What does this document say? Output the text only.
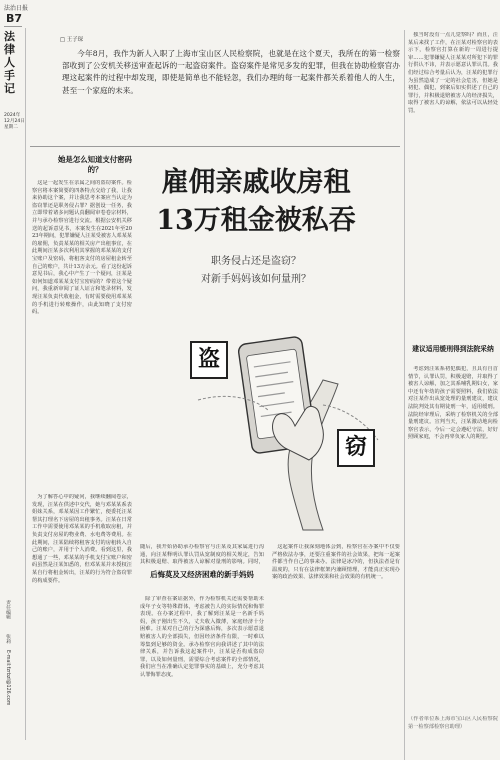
法治日报
B7
法律人手记
2024年
12月24日
星期二
责任编辑
张莉
E-mail:fzrbzl@126.com
□ 王子琛
今年8月，我作为新人入职了上海市宝山区人民检察院，也就是在这个夏天，我所在的第一检察部收到了公安机关移送审查起诉的一起盗窃案件。盗窃案件是常见多发的犯罪，但我在协助检察官办理这起案件的过程中却发现，即使是简单也不能轻忽，我们办理的每一起案件都关系着他人的人生，甚至一个家庭的未来。
独当时没有一点儿觉察吗？而且，汪某后来找了工作，在汪某对检察官的表示下，检察官打算在新的一周进行提审……犯罪嫌疑人汪某某对所犯下的罪行供认不讳，并表示愿意认罪认罚。我们经过综合考量后认为，汪某的犯罪行为虽然造成了一定的社会危害，但她是初犯、偶犯，到案后如实供述了自己的罪行，并积极退赔被害人的经济损失，取得了被害人的谅解，依法可以从轻处罚。
雇佣亲戚收房租
13万租金被私吞
职务侵占还是盗窃？
对新手妈妈该如何量刑？
盗
窃
她是怎么知道支付密码的？
这是一起发生在亲属之间的盗窃案件。检察官将本案简要的四条特点交给了我，让我来协助这个案，并让我思考本案应当认定为盗窃罪还是职务侵占罪？据创设一任务，我立即带着诸多问题认真翻阅审卷卷宗材料，并与承办检察官进行交流。根据公安机关移送的起诉意见书，本案发生在2021年至2023年期间，犯罪嫌疑人汪某受被害人邓某某的雇佣，负责某某的相关房产出租事宜，在此期间汪某多次利用其掌握的邓某某的支付宝账户及密码，将租客支付的房屋租金转至自己的账户，共计13万余元。看了这份起诉意见书后，我心中产生了一个疑问，汪某是如何知道邓某某支付宝密码的？带着这个疑问，我重新审阅了证人证言和笔录材料，发现汪某负责代收租金，有时需要使用邓某某的手机进行转账操作，由此知晓了支付密码。
为了解答心中的疑问，我继续翻阅卷宗，发现，汪某在供述中交代，她与邓某某系表姐妹关系，邓某某因工作繁忙，便委托汪某帮其打理名下房屋的出租事务。汪某在日常工作中需要使用邓某某的手机收取房租，并负责支付房屋的物业费、水电费等费用。在此期间，汪某陆续将租客支付的房租转入自己的账户，并用于个人消费。看到这里，我想通了一些，邓某某的手机支付宝账户和密码虽然是汪某知悉的，但邓某某并未授权汪某自行将租金转出，汪某的行为符合盗窃罪的构成要件。
随后，我开始协助承办检察官与汪某及其家属进行沟通，向汪某释明认罪认罚从宽制度的相关规定，告知其积极退赔、取得被害人谅解对量刑的影响。同时，
后悔莫及又经济困难的新手妈妈
除了审查在案证据外，作为检察机关还需要帮助未成年子女等特殊群体，考虑被告人的实际情况和悔罪表现。在办案过程中，我了解到汪某是一名新手妈妈，孩子刚出生不久，丈夫收入微薄，家庭经济十分困难。汪某对自己的行为深感后悔，多次表示愿意退赔被害人的全部损失，但因经济条件有限，一时难以筹集到足够的资金。承办检察官向我讲述了其中的法律关系，并告诉我这起案件中，汪某是否构成盗窃罪，以及如何量刑，需要综合考虑案件的全部情况，我们应当在准确认定犯罪事实的基础上，充分考虑其认罪悔罪态度。
这起案件让我深刻地体会到，检察官在办案中不仅要严格依法办事，还要注重案件的社会效果，把每一起案件都当作自己的事来办。法律是冰冷的，但执法者是有温度的，只有在法律框架内兼顾情理，才能真正实现办案的政治效果、法律效果和社会效果的有机统一。
建议适用缓刑得到法院采纳
考虑到汪某系初犯偶犯，且具有自首情节，认罪认罚，积极退赔，并取得了被害人谅解，加之其系哺乳期妇女，家中还有年幼的孩子需要照料，我们依法对汪某作出从宽处理的量刑建议，建议法院判处其有期徒刑一年，适用缓刑。法院经审理后，采纳了检察机关的全部量刑建议。宣判当天，汪某激动地向检察官表示，今后一定会遵纪守法，好好照顾家庭，不会再辜负家人的期望。
（作者单位系上海市宝山区人民检察院第一检察部检察官助理）
